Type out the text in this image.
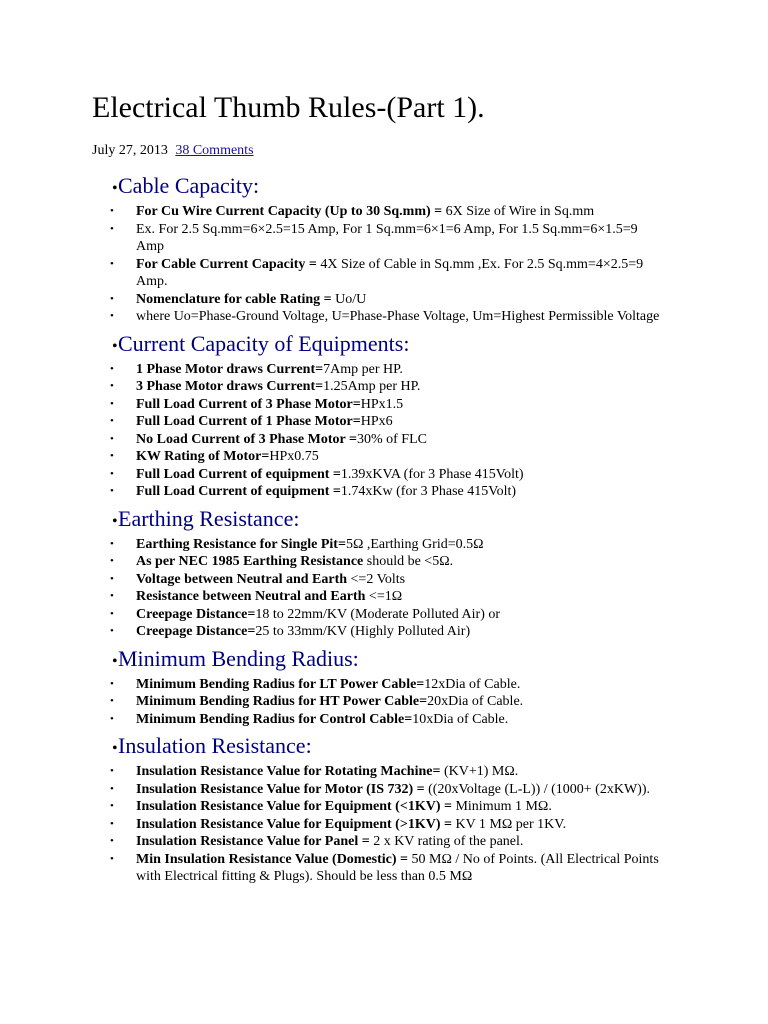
Electrical Thumb Rules-(Part 1).
July 27, 2013 38 Comments
• Cable Capacity:
•	For Cu Wire Current Capacity (Up to 30 Sq.mm) = 6X Size of Wire in Sq.mm
•	Ex. For 2.5 Sq.mm=6×2.5=15 Amp, For 1 Sq.mm=6×1=6 Amp, For 1.5 Sq.mm=6×1.5=9 Amp
•	For Cable Current Capacity = 4X Size of Cable in Sq.mm ,Ex. For 2.5 Sq.mm=4×2.5=9 Amp.
•	Nomenclature for cable Rating = Uo/U
•	where Uo=Phase-Ground Voltage, U=Phase-Phase Voltage, Um=Highest Permissible Voltage
• Current Capacity of Equipments:
•	1 Phase Motor draws Current=7Amp per HP.
•	3 Phase Motor draws Current=1.25Amp per HP.
•	Full Load Current of 3 Phase Motor=HPx1.5
•	Full Load Current of 1 Phase Motor=HPx6
•	No Load Current of 3 Phase Motor =30% of FLC
•	KW Rating of Motor=HPx0.75
•	Full Load Current of equipment =1.39xKVA (for 3 Phase 415Volt)
•	Full Load Current of equipment =1.74xKw (for 3 Phase 415Volt)
• Earthing Resistance:
•	Earthing Resistance for Single Pit=5Ω ,Earthing Grid=0.5Ω
•	As per NEC 1985 Earthing Resistance should be <5Ω.
•	Voltage between Neutral and Earth <=2 Volts
•	Resistance between Neutral and Earth <=1Ω
•	Creepage Distance=18 to 22mm/KV (Moderate Polluted Air) or
•	Creepage Distance=25 to 33mm/KV (Highly Polluted Air)
• Minimum Bending Radius:
•	Minimum Bending Radius for LT Power Cable=12xDia of Cable.
•	Minimum Bending Radius for HT Power Cable=20xDia of Cable.
•	Minimum Bending Radius for Control Cable=10xDia of Cable.
• Insulation Resistance:
•	Insulation Resistance Value for Rotating Machine= (KV+1) MΩ.
•	Insulation Resistance Value for Motor (IS 732) = ((20xVoltage (L-L)) / (1000+ (2xKW)).
•	Insulation Resistance Value for Equipment (<1KV) = Minimum 1 MΩ.
•	Insulation Resistance Value for Equipment (>1KV) = KV 1 MΩ per 1KV.
•	Insulation Resistance Value for Panel = 2 x KV rating of the panel.
•	Min Insulation Resistance Value (Domestic) = 50 MΩ / No of Points. (All Electrical Points with Electrical fitting & Plugs). Should be less than 0.5 MΩ
